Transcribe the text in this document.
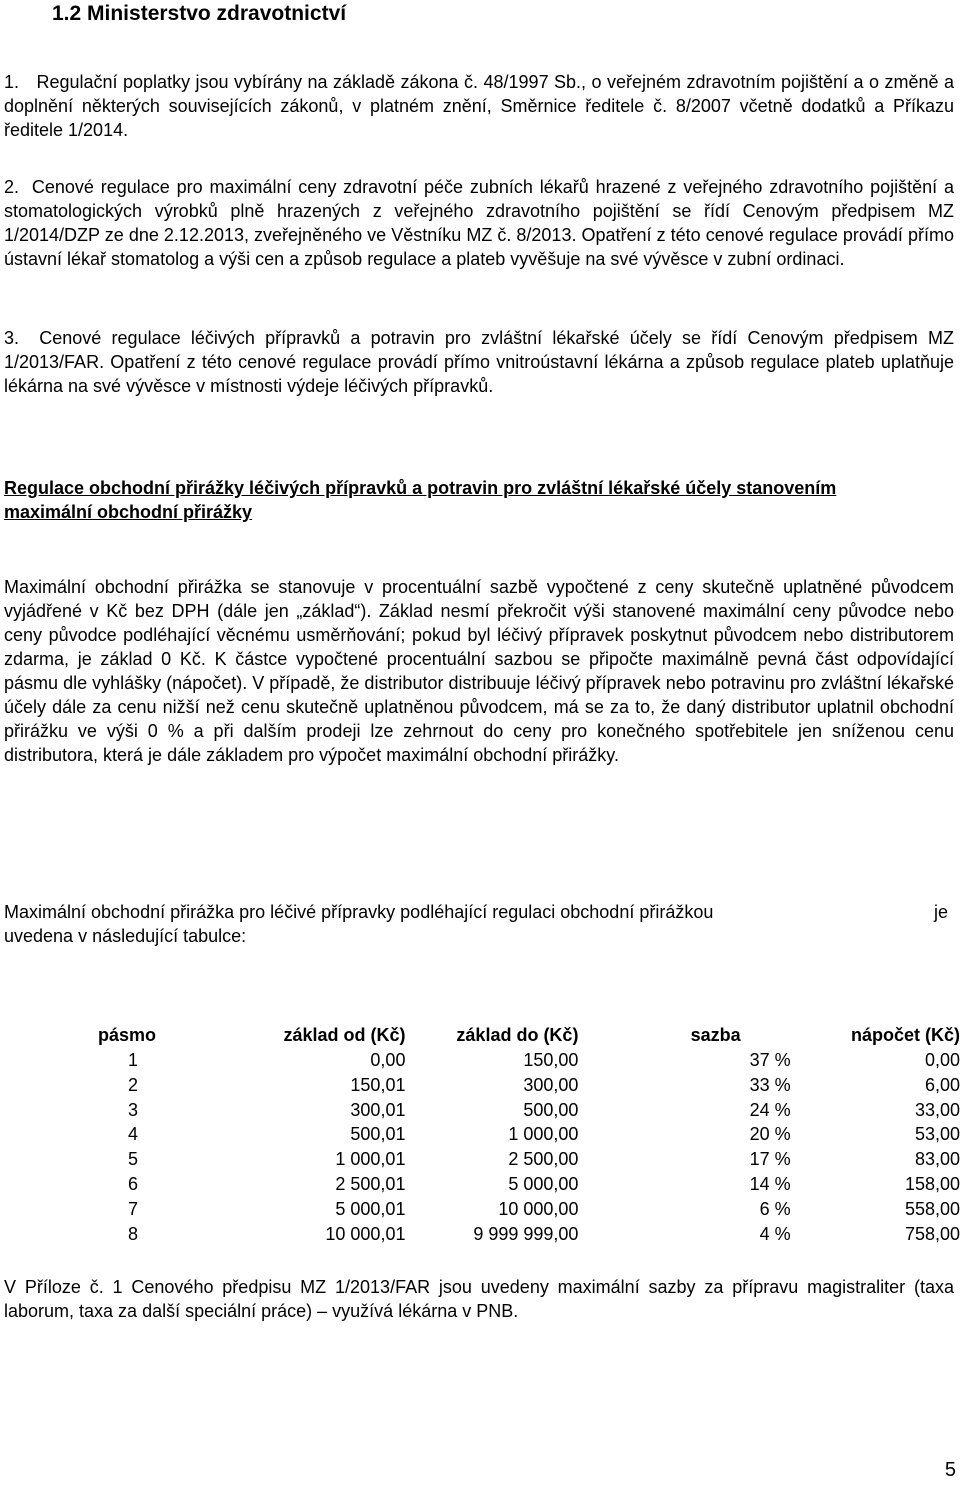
1.2 Ministerstvo zdravotnictví
1. Regulační poplatky jsou vybírány na základě zákona č. 48/1997 Sb., o veřejném zdravotním pojištění a o změně a doplnění některých souvisejících zákonů, v platném znění, Směrnice ředitele č. 8/2007 včetně dodatků a Příkazu ředitele 1/2014.
2. Cenové regulace pro maximální ceny zdravotní péče zubních lékařů hrazené z veřejného zdravotního pojištění a stomatologických výrobků plně hrazených z veřejného zdravotního pojištění se řídí Cenovým předpisem MZ 1/2014/DZP ze dne 2.12.2013, zveřejněného ve Věstníku MZ č. 8/2013. Opatření z této cenové regulace provádí přímo ústavní lékař stomatolog a výši cen a způsob regulace a plateb vyvěšuje na své vývěsce v zubní ordinaci.
3. Cenové regulace léčivých přípravků a potravin pro zvláštní lékařské účely se řídí Cenovým předpisem MZ 1/2013/FAR. Opatření z této cenové regulace provádí přímo vnitroústavní lékárna a způsob regulace plateb uplatňuje lékárna na své vývěsce v místnosti výdeje léčivých přípravků.
Regulace obchodní přirážky léčivých přípravků a potravin pro zvláštní lékařské účely stanovením maximální obchodní přirážky
Maximální obchodní přirážka se stanovuje v procentuální sazbě vypočtené z ceny skutečně uplatněné původcem vyjádřené v Kč bez DPH (dále jen „základ“). Základ nesmí překročit výši stanovené maximální ceny původce nebo ceny původce podléhající věcnému usměrňování; pokud byl léčivý přípravek poskytnut původcem nebo distributorem zdarma, je základ 0 Kč. K částce vypočtené procentuální sazbou se připočte maximálně pevná část odpovídající pásmu dle vyhlášky (nápočet). V případě, že distributor distribuuje léčivý přípravek nebo potravinu pro zvláštní lékařské účely dále za cenu nižší než cenu skutečně uplatněnou původcem, má se za to, že daný distributor uplatnil obchodní přirážku ve výši 0 % a při dalším prodeji lze zehrnout do ceny pro konečného spotřebitele jen sníženou cenu distributora, která je dále základem pro výpočet maximální obchodní přirážky.
Maximální obchodní přirážka pro léčivé přípravky podléhající regulaci obchodní přirážkou	je
uvedena v následující tabulce:
pásmo	základ od (Kč)	základ do (Kč)	sazba	nápočet (Kč)
1	0,00	150,00	37 %	0,00
2	150,01	300,00	33 %	6,00
3	300,01	500,00	24 %	33,00
4	500,01	1 000,00	20 %	53,00
5	1 000,01	2 500,00	17 %	83,00
6	2 500,01	5 000,00	14 %	158,00
7	5 000,01	10 000,00	6 %	558,00
8	10 000,01	9 999 999,00	4 %	758,00
V Příloze č. 1 Cenového předpisu MZ 1/2013/FAR jsou uvedeny maximální sazby za přípravu magistraliter (taxa laborum, taxa za další speciální práce) – využívá lékárna v PNB.
5
